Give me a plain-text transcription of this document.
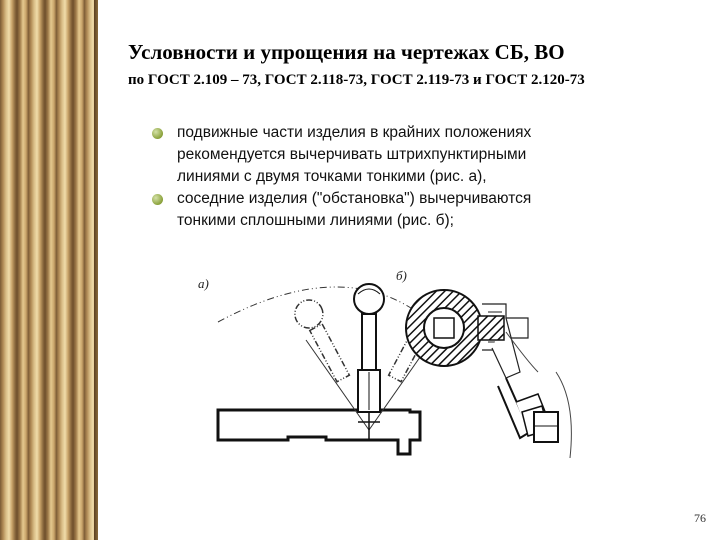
Условности и упрощения на чертежах СБ, ВО
по ГОСТ 2.109 – 73, ГОСТ 2.118-73, ГОСТ 2.119-73 и ГОСТ 2.120-73
подвижные части изделия в крайних положениях
рекомендуется вычерчивать штрихпунктирными
линиями с двумя точками тонкими (рис. а),
соседние изделия ("обстановка") вычерчиваются
тонкими сплошными линиями (рис. б);
а)
б)
76
